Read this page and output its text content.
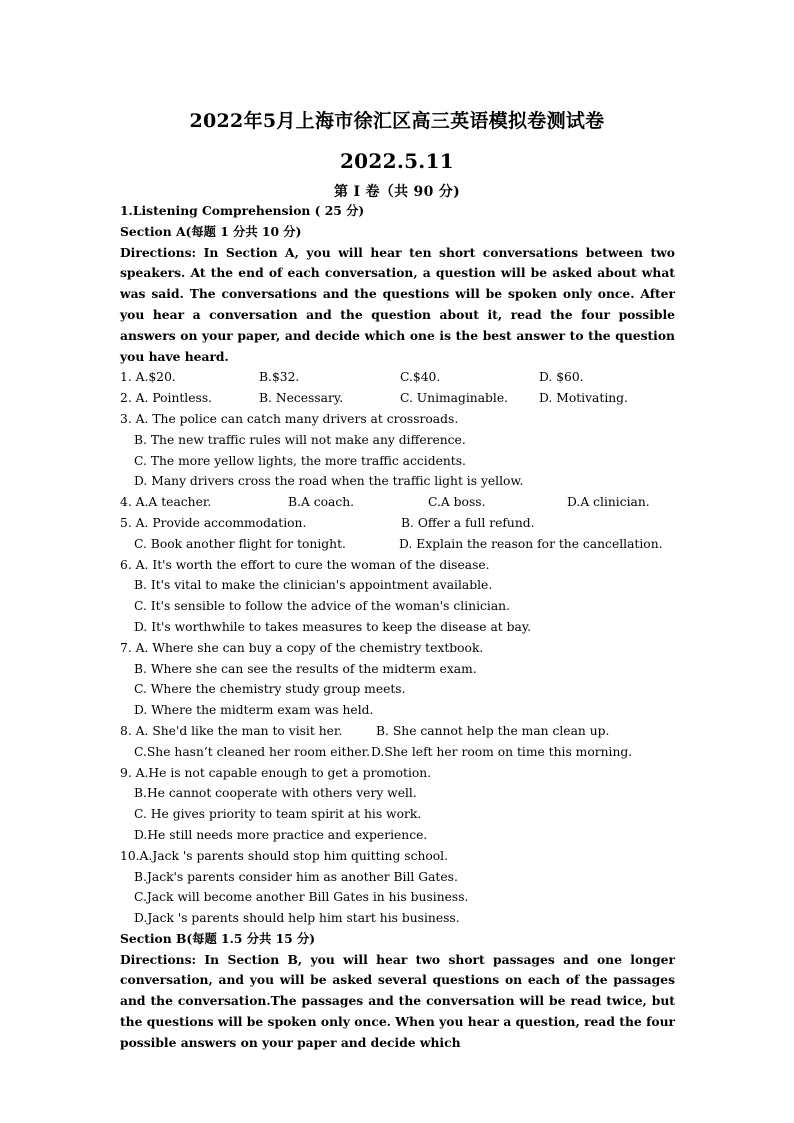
2022年5月上海市徐汇区高三英语模拟卷测试卷
2022.5.11
第 I 卷（共 90 分)
1.Listening Comprehension ( 25 分)
Section A(每题 1 分共 10 分)

Directions: In Section A, you will hear ten short conversations between two speakers. At the end of each conversation, a question will be asked about what was said. The conversations and the questions will be spoken only once. After you hear a conversation and the question about it, read the four possible answers on your paper, and decide which one is the best answer to the question you have heard.

1. A.$20.	B.$32.	C.$40.	D. $60.
2. A. Pointless.	B. Necessary.	C. Unimaginable.	D. Motivating.
3. A. The police can catch many drivers at crossroads.
B. The new traffic rules will not make any difference.
C. The more yellow lights, the more traffic accidents.
D. Many drivers cross the road when the traffic light is yellow.
4. A.A teacher.	B.A coach.	C.A boss.	D.A clinician.
5. A. Provide accommodation.	B. Offer a full refund.
C. Book another flight for tonight.	D. Explain the reason for the cancellation.
6. A. It's worth the effort to cure the woman of the disease.
B. It's vital to make the clinician's appointment available.
C. It's sensible to follow the advice of the woman's clinician.
D. It's worthwhile to takes measures to keep the disease at bay.
7. A. Where she can buy a copy of the chemistry textbook.
B. Where she can see the results of the midterm exam.
C. Where the chemistry study group meets.
D. Where the midterm exam was held.
8. A. She'd like the man to visit her.	B. She cannot help the man clean up.
C.She hasn’t cleaned her room either. D.She left her room on time this morning.
9. A.He is not capable enough to get a promotion.
B.He cannot cooperate with others very well.
C. He gives priority to team spirit at his work.
D.He still needs more practice and experience.
10.A.Jack 's parents should stop him quitting school.
B.Jack's parents consider him as another Bill Gates.
C.Jack will become another Bill Gates in his business.
D.Jack 's parents should help him start his business.
Section B(每题 1.5 分共 15 分)

Directions: In Section B, you will hear two short passages and one longer conversation, and you will be asked several questions on each of the passages and the conversation.The passages and the conversation will be read twice, but the questions will be spoken only once. When you hear a question, read the four possible answers on your paper and decide which
